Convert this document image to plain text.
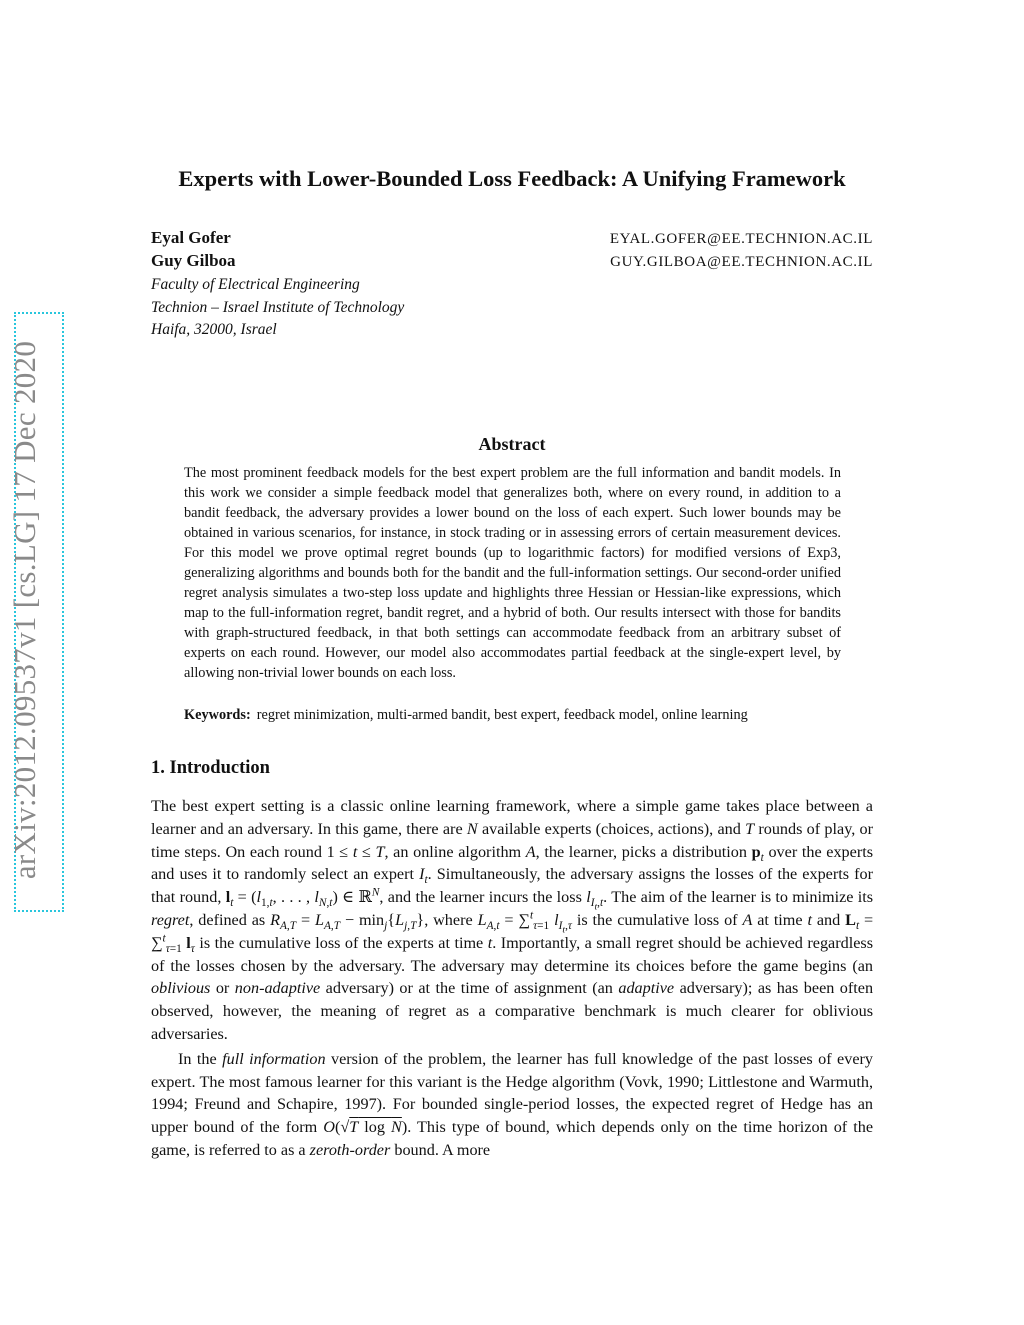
arXiv:2012.09537v1 [cs.LG] 17 Dec 2020
Experts with Lower-Bounded Loss Feedback: A Unifying Framework
Eyal Gofer	EYAL.GOFER@EE.TECHNION.AC.IL
Guy Gilboa	GUY.GILBOA@EE.TECHNION.AC.IL
Faculty of Electrical Engineering
Technion – Israel Institute of Technology
Haifa, 32000, Israel
Abstract
The most prominent feedback models for the best expert problem are the full information and bandit models. In this work we consider a simple feedback model that generalizes both, where on every round, in addition to a bandit feedback, the adversary provides a lower bound on the loss of each expert. Such lower bounds may be obtained in various scenarios, for instance, in stock trading or in assessing errors of certain measurement devices. For this model we prove optimal regret bounds (up to logarithmic factors) for modified versions of Exp3, generalizing algorithms and bounds both for the bandit and the full-information settings. Our second-order unified regret analysis simulates a two-step loss update and highlights three Hessian or Hessian-like expressions, which map to the full-information regret, bandit regret, and a hybrid of both. Our results intersect with those for bandits with graph-structured feedback, in that both settings can accommodate feedback from an arbitrary subset of experts on each round. However, our model also accommodates partial feedback at the single-expert level, by allowing non-trivial lower bounds on each loss.
Keywords: regret minimization, multi-armed bandit, best expert, feedback model, online learning
1. Introduction

The best expert setting is a classic online learning framework, where a simple game takes place between a learner and an adversary. In this game, there are N available experts (choices, actions), and T rounds of play, or time steps. On each round 1 ≤ t ≤ T, an online algorithm A, the learner, picks a distribution $p_t$ over the experts and uses it to randomly select an expert $I_t$. Simultaneously, the adversary assigns the losses of the experts for that round, $l_t = (l_{1,t}$, . . . , $l_{N,t}$) ∈ ℝ$^N$, and the learner incurs the loss $l_{I_t,t}$. The aim of the learner is to minimize its regret, defined as $R_{A,T} = L_{A,T} - \min_j\{L_{j,T}\}$, where $L_{A,t} = \sum^t_{\tau=1}$ $l_{I_t,\tau}$ is the cumulative loss of A at time t and $L_t = \sum^t_{\tau=1}$ $l_\tau$ is the cumulative loss of the experts at time t. Importantly, a small regret should be achieved regardless of the losses chosen by the adversary. The adversary may determine its choices before the game begins (an oblivious or non-adaptive adversary) or at the time of assignment (an adaptive adversary); as has been often observed, however, the meaning of regret as a comparative benchmark is much clearer for oblivious adversaries.

In the full information version of the problem, the learner has full knowledge of the past losses of every expert. The most famous learner for this variant is the Hedge algorithm (Vovk, 1990; Littlestone and Warmuth, 1994; Freund and Schapire, 1997). For bounded single-period losses, the expected regret of Hedge has an upper bound of the form O(√T log N). This type of bound, which depends only on the time horizon of the game, is referred to as a zeroth-order bound. A more
